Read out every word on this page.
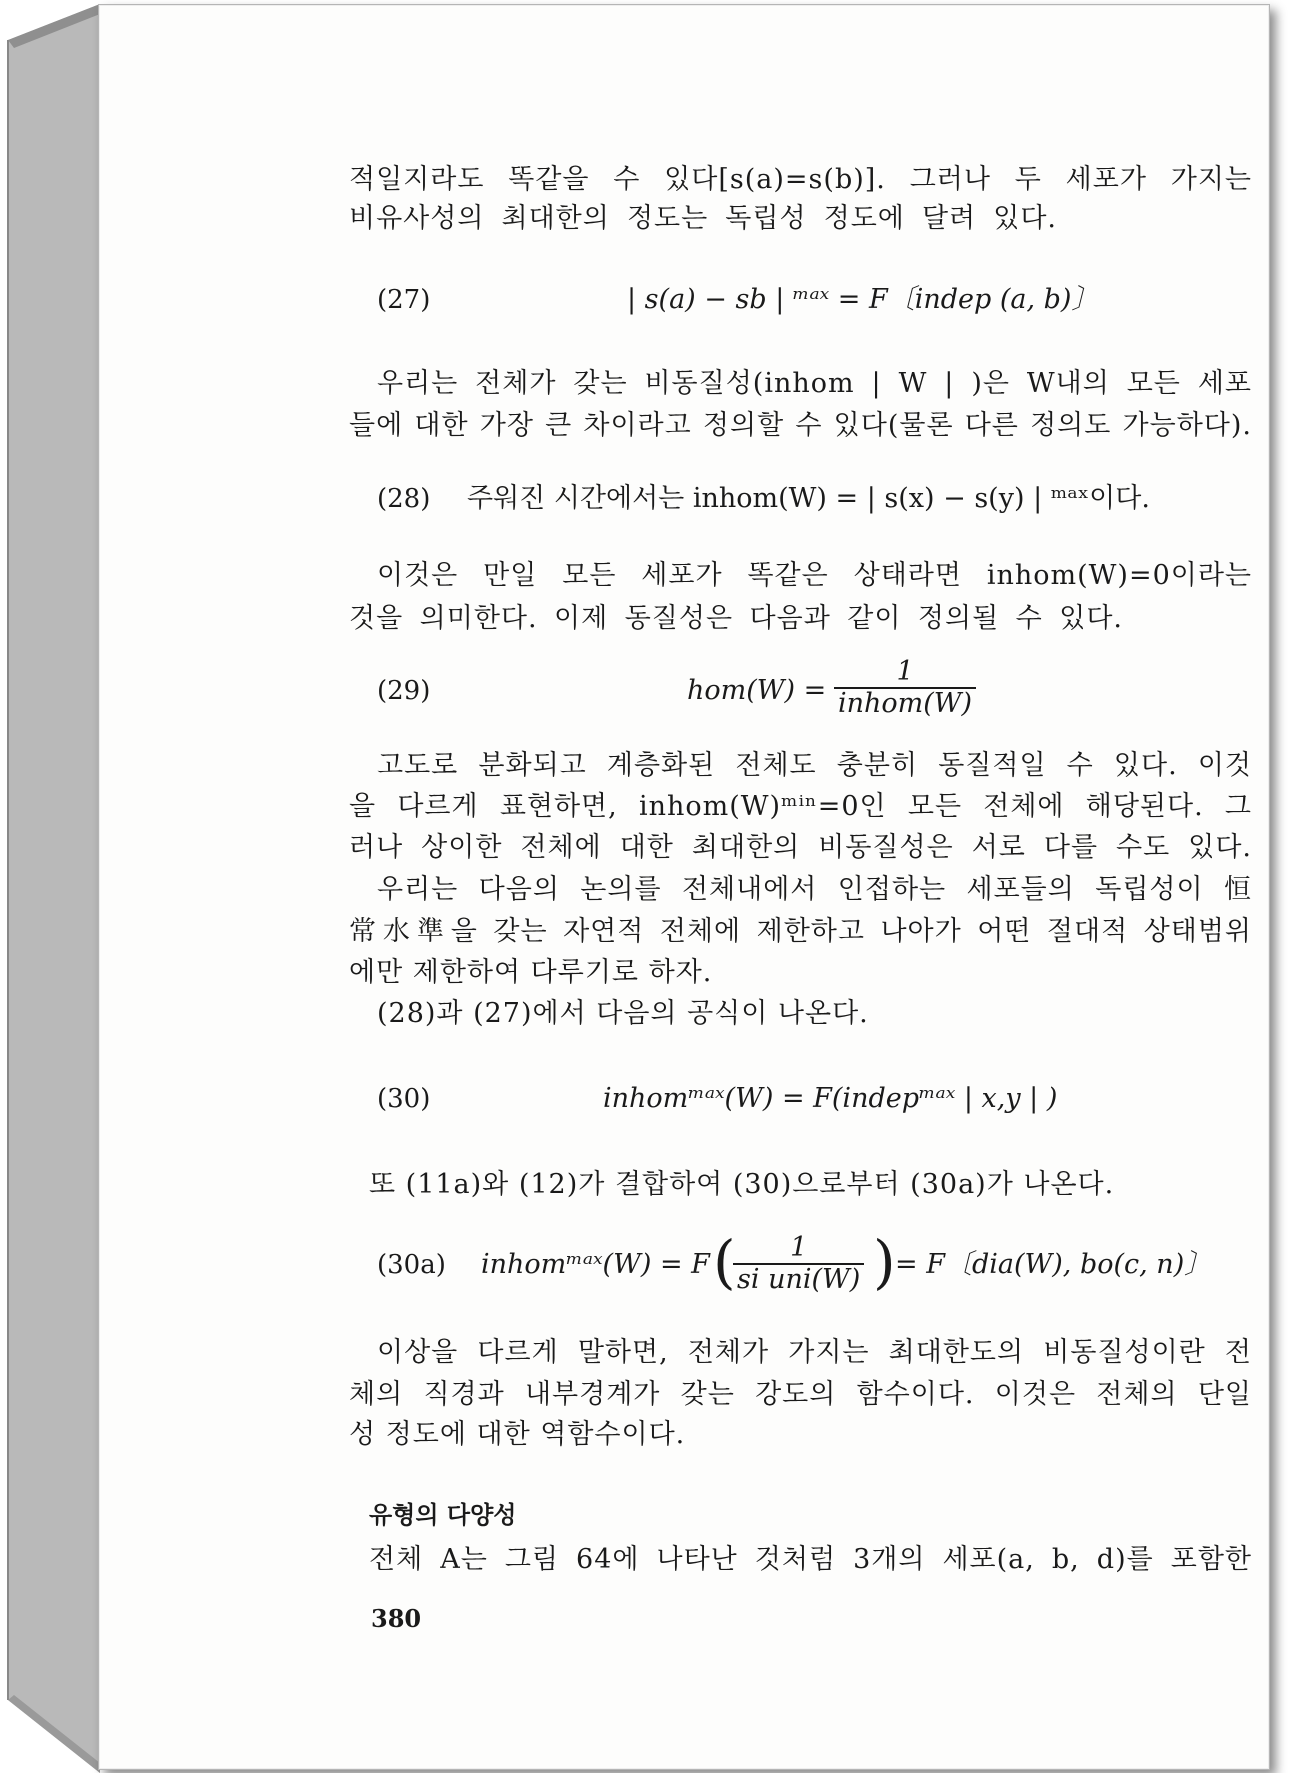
적일지라도 똑같을 수 있다[s(a)=s(b)]. 그러나 두 세포가 가지는
비유사성의 최대한의 정도는 독립성 정도에 달려 있다.
(27)	| s(a) − sb | ᵐᵃˣ = F〔indep (a, b)〕
우리는 전체가 갖는 비동질성(inhom | W | )은 W내의 모든 세포
들에 대한 가장 큰 차이라고 정의할 수 있다(물론 다른 정의도 가능하다).
(28) 주워진 시간에서는 inhom(W) = | s(x) − s(y) | ᵐᵃˣ이다.
이것은 만일 모든 세포가 똑같은 상태라면 inhom(W)=0이라는
것을 의미한다. 이제 동질성은 다음과 같이 정의될 수 있다.
(29)	hom(W) =
1
inhom(W)
고도로 분화되고 계층화된 전체도 충분히 동질적일 수 있다. 이것
을 다르게 표현하면, inhom(W)ᵐⁱⁿ=0인 모든 전체에 해당된다. 그
러나 상이한 전체에 대한 최대한의 비동질성은 서로 다를 수도 있다.
우리는 다음의 논의를 전체내에서 인접하는 세포들의 독립성이 恒
常水準을 갖는 자연적 전체에 제한하고 나아가 어떤 절대적 상태범위
에만 제한하여 다루기로 하자.
(28)과 (27)에서 다음의 공식이 나온다.
(30)	inhomᵐᵃˣ(W) = F(indepᵐᵃˣ | x,y | )
또 (11a)와 (12)가 결합하여 (30)으로부터 (30a)가 나온다.
(30a) inhomᵐᵃˣ(W) = F (	1
si uni(W) ) = F〔dia(W), bo(c, n)〕
이상을 다르게 말하면, 전체가 가지는 최대한도의 비동질성이란 전
체의 직경과 내부경계가 갖는 강도의 함수이다. 이것은 전체의 단일
성 정도에 대한 역함수이다.
유형의 다양성
전체 A는 그림 64에 나타난 것처럼 3개의 세포(a, b, d)를 포함한
380
